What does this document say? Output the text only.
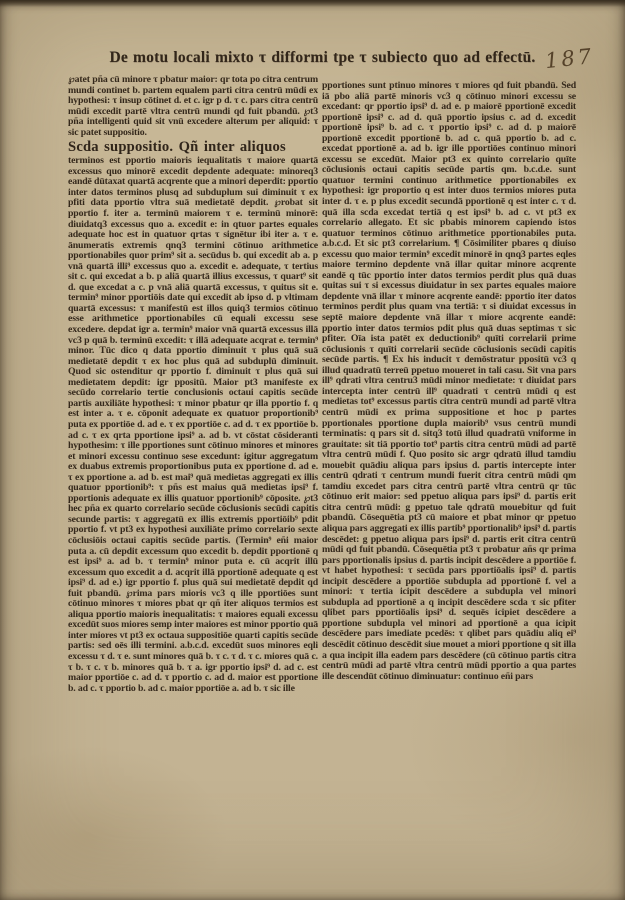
De motu locali mixto τ difformi tpe τ subiecto quo ad effectū. 187

℘atet pña cū minore τ pbatur maior: qr tota po citra centrum mundi continet b. partem equalem parti citra centrū mūdi ex hypothesi: τ insup cōtinet d. et c. igr p d. τ c. pars citra centrū mūdi excedit partē vltra centrū mundi qd fuit pbandū. ℘t3 pña intelligenti quid sit vnū excedere alterum per aliquid: τ sic patet suppositio.

Scda suppositio. Qñ inter aliquos

terminos est pportio maioris iequalitatis τ maiore quartā excessus quo minorē excedit depdente adequate: minoreq3 eandē dūtaxat quartā acqrente que a minori deperdit: pportio inter datos terminos plusq ad subduplum sui diminuit τ ex pfiti data pportio vltra suā medietatē depdit. ℘robat sit pportio f. iter a. terminū maiorem τ e. terminū minorē: diuidatq3 excessus quo a. excedit e: in qtuor partes equales adequate hoc est in quatuor qrtas τ signētur ibi iter a. τ e. ānumeratis extremis qnq3 termini cōtinuo arithmetice pportionabiles quor prim⁹ sit a. secūdus b. qui excedit ab a. p vnā quartā illi⁹ excessus quo a. excedit e. adequate, τ tertius sit c. qui excedat a b. p aliā quartā illius excessus, τ quart⁹ sit d. que excedat a c. p vnā aliā quartā excessus, τ quitus sit e. termin⁹ minor pportiōis date qui excedit ab ipso d. p vltimam quartā excessus: τ manifestū est illos quiq3 termios cōtinuo esse arithmetice pportionabiles cū equali excessu sese excedere. depdat igr a. termin⁹ maior vnā quartā excessus illā vc3 p quā b. terminū excedit: τ illā adequate acqrat e. termin⁹ minor. Tūc dico q data pportio diminuit τ plus quā suā medietatē depdit τ ex hoc plus quā ad subduplū diminuit. Quod sic ostenditur qr pportio f. diminuit τ plus quā sui medietatem depdit: igr ppositū. Maior pt3 manifeste ex secūdo correlario tertie conclusionis octaui capitis secūde partis auxiliāte hypothesi: τ minor pbatur qr illa pportio f. q est inter a. τ e. cōponit adequate ex quatuor proportionib⁹ puta ex pportiōe d. ad e. τ ex pportiōe c. ad d. τ ex pportiōe b. ad c. τ ex qrta pportione ipsi⁹ a. ad b. vt cōstat cōsideranti hypothesim: τ ille pportiones sunt cōtinuo minores et minores et minori excessu continuo sese excedunt: igitur aggregatum ex duabus extremis proportionibus puta ex pportione d. ad e. τ ex pportione a. ad b. est mai⁹ quā medietas aggregati ex illis quatuor pportionib⁹: τ pñs est maius quā medietas ipsi⁹ f. pportionis adequate ex illis quatuor pportionib⁹ cōposite. ℘t3 hec pña ex quarto correlario secūde cōclusionis secūdi capitis secunde partis: τ aggregatū ex illis extremis pportiōib⁹ pdit pportio f. vt pt3 ex hypothesi auxiliāte primo correlario sexte cōclusiōis octaui capitis secūde partis. (Termin⁹ eñi maior puta a. cū depdit excessum quo excedit b. depdit pportionē q est ipsi⁹ a. ad b. τ termin⁹ minor puta e. cū acqrit illū excessum quo excedit a d. acqrit illā pportionē adequate q est ipsi⁹ d. ad e.) igr pportio f. plus quā sui medietatē depdit qd fuit pbandū. ℘rima pars mioris vc3 q ille pportiōes sunt cōtinuo minores τ miores pbat qr qñ iter aliquos termios est aliqua pportio maioris inequalitatis: τ maiores equali excessu excedūt suos miores semp inter maiores est minor pportio quā inter miores vt pt3 ex octaua suppositiōe quarti capitis secūde partis: sed oēs illi termini. a.b.c.d. excedūt suos minores eqli excessu τ d. τ e. sunt minores quā b. τ c. τ d. τ c. miores quā c. τ b. τ c. τ b. minores quā b. τ a. igr pportio ipsi⁹ d. ad c. est maior pportiōe c. ad d. τ pportio c. ad d. maior est pportione b. ad c. τ pportio b. ad c. maior pportiōe a. ad b. τ sic ille

pportiones sunt ptinuo minores τ miores qd fuit pbandū. Sed iā pbo aliā partē minoris vc3 q cōtinuo minori excessu se excedant: qr pportio ipsi⁹ d. ad e. p maiorē pportionē excedit pportionē ipsi⁹ c. ad d. quā pportio ipsius c. ad d. excedit pportionē ipsi⁹ b. ad c. τ pportio ipsi⁹ c. ad d. p maiorē pportionē excedit pportionē b. ad c. quā pportio b. ad c. excedat pportionē a. ad b. igr ille pportiōes continuo minori excessu se excedūt. Maior pt3 ex quinto correlario quīte cōclusionis octaui capitis secūde partis qm. b.c.d.e. sunt quatuor termini continuo arithmetice pportionabiles ex hypothesi: igr proportio q est inter duos termios miores puta inter d. τ e. p plus excedit secundā pportionē q est inter c. τ d. quā illa scda excedat tertiā q est ipsi⁹ b. ad c. vt pt3 ex correlario allegato. Et sic pbabis minorem capiendo istos quatuor terminos cōtinuo arithmetice pportionabiles puta. a.b.c.d. Et sic pt3 correlarium. ¶ Cōsimiliter pbares q diuiso excessu quo maior termin⁹ excedit minorē in qnq3 partes eqles maiore termino depdente vnā illar quitar minore acqrente eandē q tūc pportio inter datos termios perdit plus quā duas quitas sui τ si excessus diuidatur in sex partes equales maiore depdente vnā illar τ minore acqrente eandē: pportio iter datos terminos perdit plus quam vna tertiā: τ si diuidat excessus in septē maiore depdente vnā illar τ miore acqrente eandē: pportio inter datos termios pdit plus quā duas septimas τ sic pfiter. Oīa ista patēt ex deductionib⁹ quīti correlarii prime cōclusionis τ quīti correlarii secūde cōclusionis secūdi capitis secūde partis. ¶ Ex his inducit τ demōstratur ppositū vc3 q illud quadratū terreū ppetuo moueret in tali casu. Sit vna pars ill⁹ qdrati vltra centru3 mūdi minor medietate: τ diuidat pars intercepta inter centrū ill⁹ quadrati τ centrū mūdi q est medietas tot⁹ excessus partis citra centrū mundi ad partē vltra centrū mūdi ex prima suppositione et hoc p partes pportionales pportione dupla maiorib⁹ vsus centrū mundi terminatis: q pars sit d. sitq3 totū illud quadratū vniforme in grauitate: sit tiā pportio tot⁹ partis citra centrū mūdi ad partē vltra centrū mūdi f. Quo posito sic argr qdratū illud tamdiu mouebit quādiu aliqua pars ipsius d. partis intercepte inter centrū qdrati τ centrum mundi fuerit citra centrū mūdi qm tamdiu excedet pars citra centrū partē vltra centrū qr tūc cōtinuo erit maior: sed ppetuo aliqua pars ipsi⁹ d. partis erit citra centrū mūdi: g ppetuo tale qdratū mouebitur qd fuit pbandū. Cōsequētia pt3 cū maiore et pbat minor qr ppetuo aliqua pars aggregati ex illis partib⁹ pportionalib⁹ ipsi⁹ d. partis descēdet: g ppetuo aliqua pars ipsi⁹ d. partis erit citra centrū mūdi qd fuit pbandū. Cōsequētia pt3 τ probatur añs qr prima pars pportionalis ipsius d. partis incipit descēdere a pportiōe f. vt habet hypothesi: τ secūda pars pportiōalis ipsi⁹ d. partis incipit descēdere a pportiōe subdupla ad pportionē f. vel a minori: τ tertia icipit descēdere a subdupla vel minori subdupla ad pportionē a q incipit descēdere scda τ sic pfiter qlibet pars pportiōalis ipsi⁹ d. sequēs icipiet descēdere a pportione subdupla vel minori ad pportionē a qua icipit descēdere pars imediate pcedēs: τ qlibet pars quādiu aliq ei⁹ descēdit cōtinuo descēdit siue mouet a miori pportione q sit illa a qua incipit illa eadem pars descēdere (cū cōtinuo partis citra centrū mūdi ad partē vltra centrū mūdi pportio a qua partes ille descendūt cōtinuo diminuatur: continuo eñi pars
